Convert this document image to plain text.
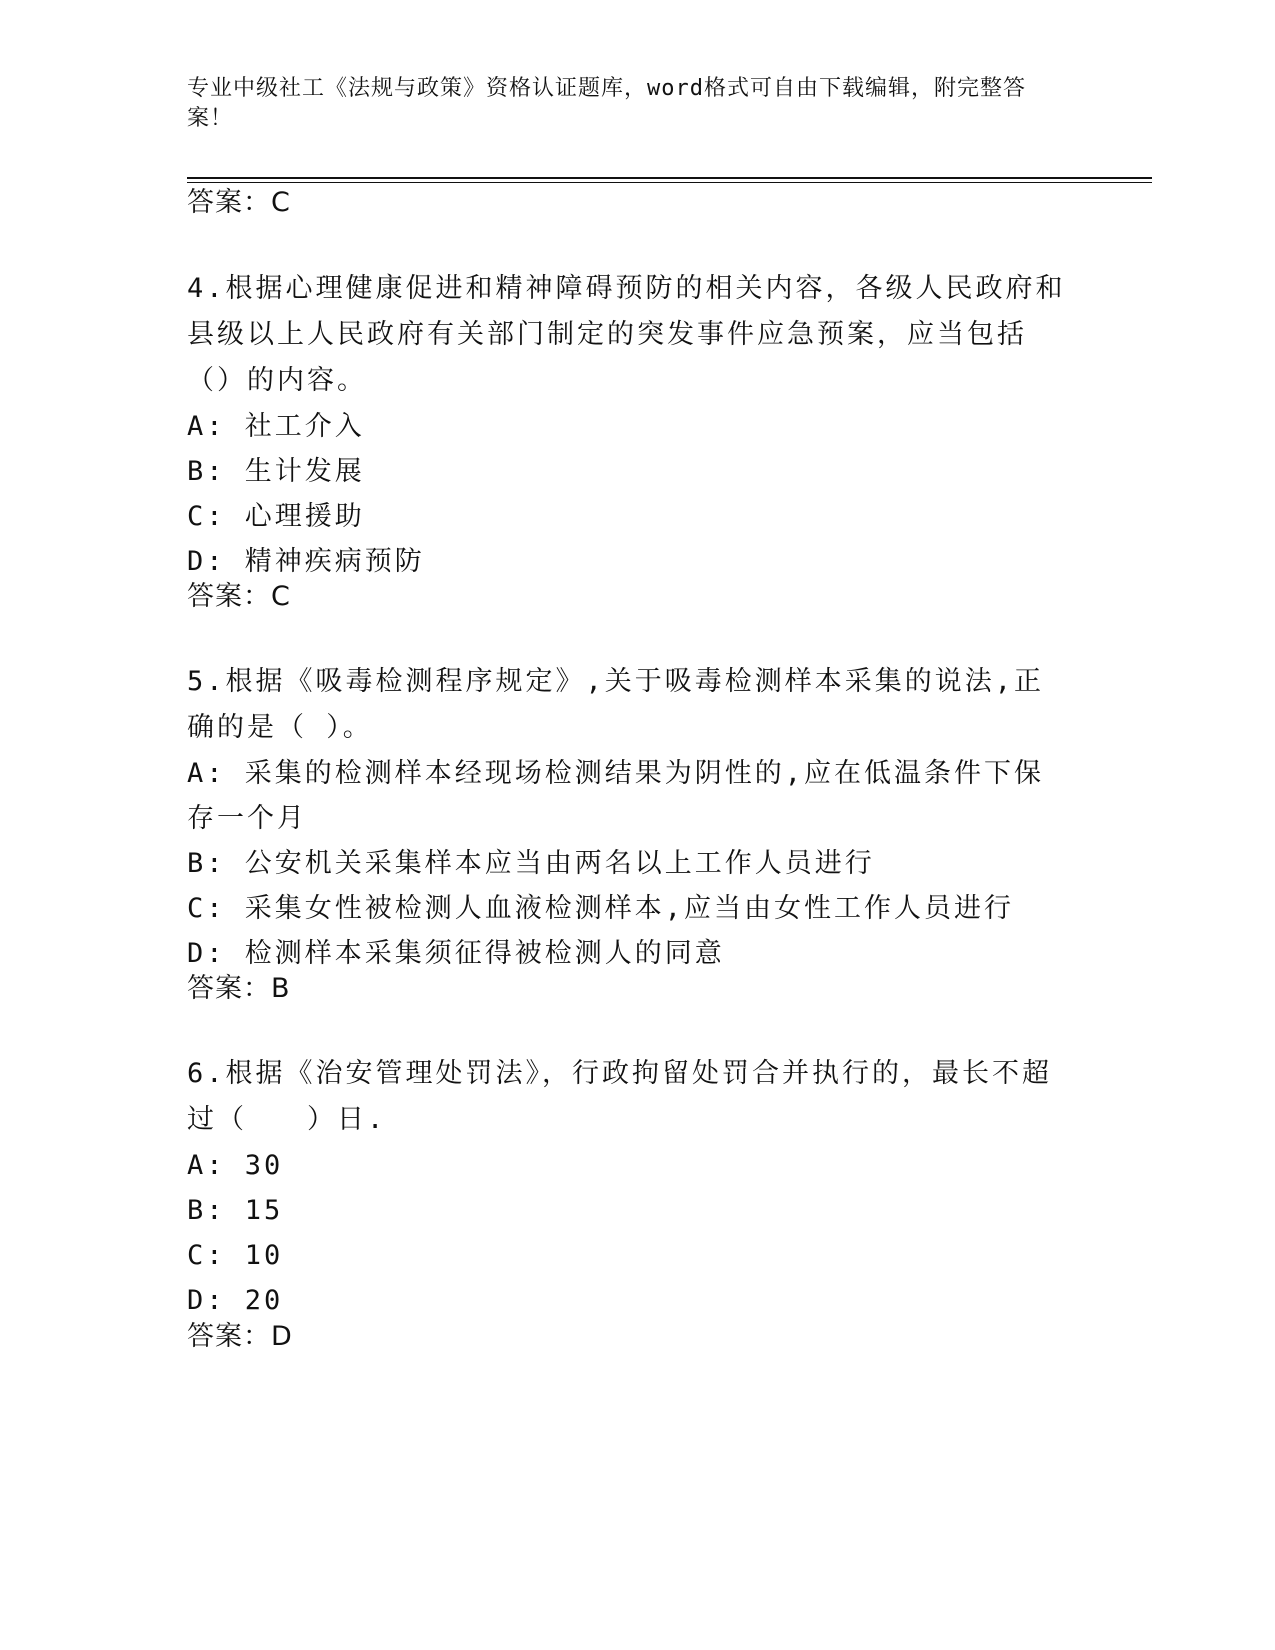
专业中级社工《法规与政策》资格认证题库，word格式可自由下载编辑，附完整答案！
答案：C
4.根据心理健康促进和精神障碍预防的相关内容，各级人民政府和县级以上人民政府有关部门制定的突发事件应急预案，应当包括（）的内容。
A: 社工介入
B: 生计发展
C: 心理援助
D: 精神疾病预防
答案：C
5.根据《吸毒检测程序规定》,关于吸毒检测样本采集的说法,正确的是（ ）。
A: 采集的检测样本经现场检测结果为阴性的,应在低温条件下保存一个月
B: 公安机关采集样本应当由两名以上工作人员进行
C: 采集女性被检测人血液检测样本,应当由女性工作人员进行
D: 检测样本采集须征得被检测人的同意
答案：B
6.根据《治安管理处罚法》，行政拘留处罚合并执行的，最长不超过（　　）日.
A: 30
B: 15
C: 10
D: 20
答案：D
